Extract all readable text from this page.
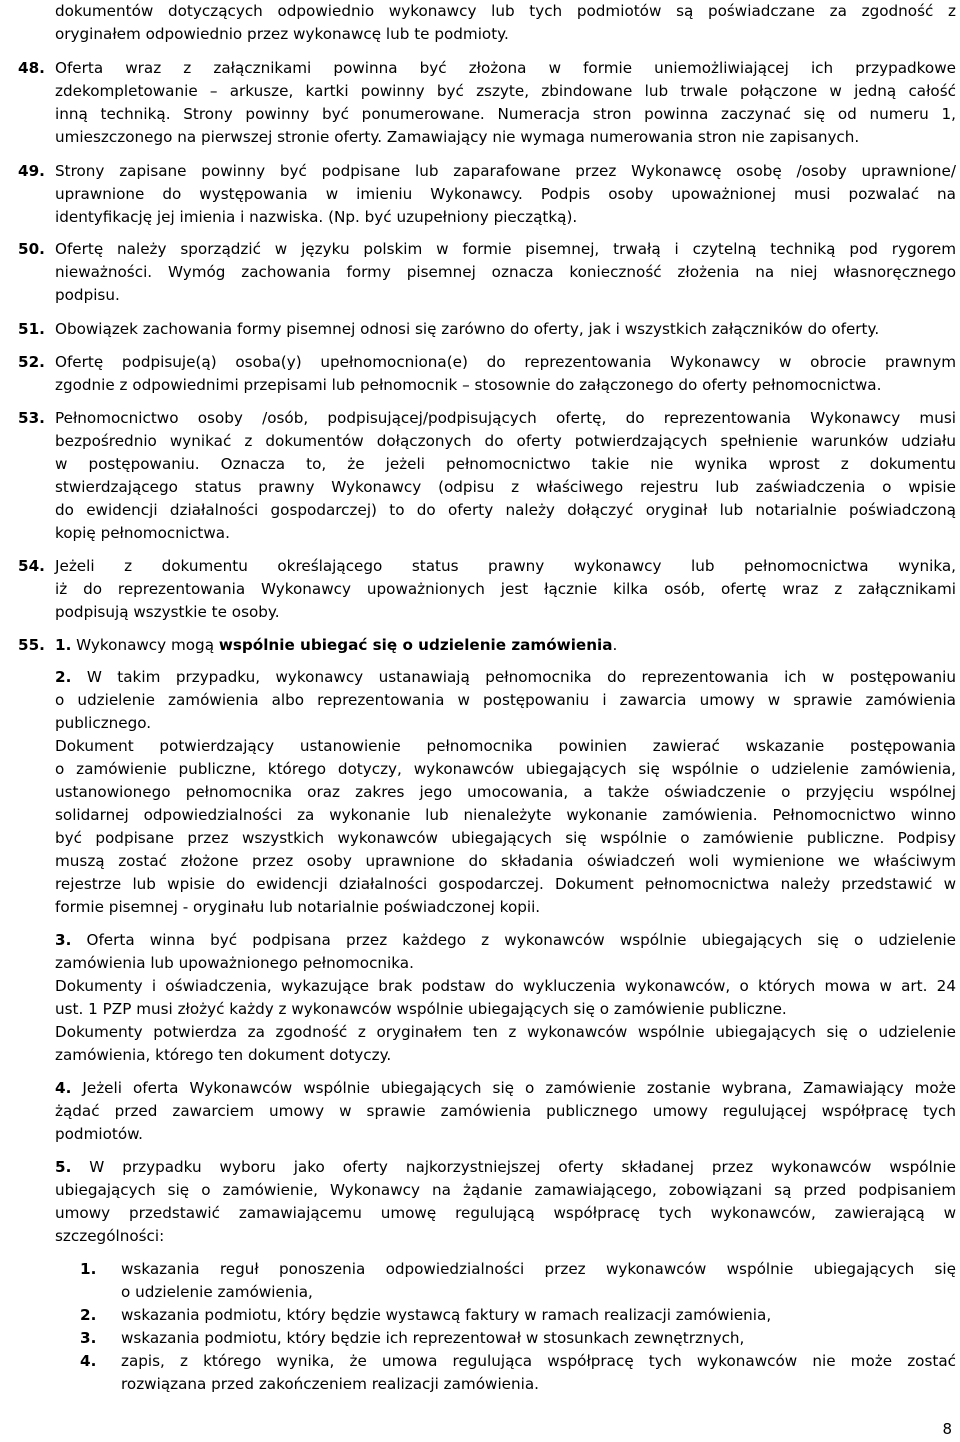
dokumentów dotyczących odpowiednio wykonawcy lub tych podmiotów są poświadczane za zgodność z
oryginałem odpowiednio przez wykonawcę lub te podmioty.
48. Oferta wraz z załącznikami powinna być złożona w formie uniemożliwiającej ich przypadkowe
zdekompletowanie – arkusze, kartki powinny być zszyte, zbindowane lub trwale połączone w jedną całość
inną techniką. Strony powinny być ponumerowane. Numeracja stron powinna zaczynać się od numeru 1,
umieszczonego na pierwszej stronie oferty. Zamawiający nie wymaga numerowania stron nie zapisanych.
49. Strony zapisane powinny być podpisane lub zaparafowane przez Wykonawcę osobę /osoby uprawnione/
uprawnione do występowania w imieniu Wykonawcy. Podpis osoby upoważnionej musi pozwalać na
identyfikację jej imienia i nazwiska. (Np. być uzupełniony pieczątką).
50. Ofertę należy sporządzić w języku polskim w formie pisemnej, trwałą i czytelną techniką pod rygorem
nieważności. Wymóg zachowania formy pisemnej oznacza konieczność złożenia na niej własnoręcznego
podpisu.
51. Obowiązek zachowania formy pisemnej odnosi się zarówno do oferty, jak i wszystkich załączników do oferty.
52. Ofertę podpisuje(ą) osoba(y) upełnomocniona(e) do reprezentowania Wykonawcy w obrocie prawnym
zgodnie z odpowiednimi przepisami lub pełnomocnik – stosownie do załączonego do oferty pełnomocnictwa.
53. Pełnomocnictwo osoby /osób, podpisującej/podpisujących ofertę, do reprezentowania Wykonawcy musi
bezpośrednio wynikać z dokumentów dołączonych do oferty potwierdzających spełnienie warunków udziału
w postępowaniu. Oznacza to, że jeżeli pełnomocnictwo takie nie wynika wprost z dokumentu
stwierdzającego status prawny Wykonawcy (odpisu z właściwego rejestru lub zaświadczenia o wpisie
do ewidencji działalności gospodarczej) to do oferty należy dołączyć oryginał lub notarialnie poświadczoną
kopię pełnomocnictwa.
54. Jeżeli z dokumentu określającego status prawny wykonawcy lub pełnomocnictwa wynika,
iż do reprezentowania Wykonawcy upoważnionych jest łącznie kilka osób, ofertę wraz z załącznikami
podpisują wszystkie te osoby.
55. 1. Wykonawcy mogą wspólnie ubiegać się o udzielenie zamówienia.
2. W takim przypadku, wykonawcy ustanawiają pełnomocnika do reprezentowania ich w postępowaniu
o udzielenie zamówienia albo reprezentowania w postępowaniu i zawarcia umowy w sprawie zamówienia
publicznego.
Dokument potwierdzający ustanowienie pełnomocnika powinien zawierać wskazanie postępowania
o zamówienie publiczne, którego dotyczy, wykonawców ubiegających się wspólnie o udzielenie zamówienia,
ustanowionego pełnomocnika oraz zakres jego umocowania, a także oświadczenie o przyjęciu wspólnej
solidarnej odpowiedzialności za wykonanie lub nienależyte wykonanie zamówienia. Pełnomocnictwo winno
być podpisane przez wszystkich wykonawców ubiegających się wspólnie o zamówienie publiczne. Podpisy
muszą zostać złożone przez osoby uprawnione do składania oświadczeń woli wymienione we właściwym
rejestrze lub wpisie do ewidencji działalności gospodarczej. Dokument pełnomocnictwa należy przedstawić w
formie pisemnej - oryginału lub notarialnie poświadczonej kopii.
3. Oferta winna być podpisana przez każdego z wykonawców wspólnie ubiegających się o udzielenie
zamówienia lub upoważnionego pełnomocnika.
Dokumenty i oświadczenia, wykazujące brak podstaw do wykluczenia wykonawców, o których mowa w art. 24
ust. 1 PZP musi złożyć każdy z wykonawców wspólnie ubiegających się o zamówienie publiczne.
Dokumenty potwierdza za zgodność z oryginałem ten z wykonawców wspólnie ubiegających się o udzielenie
zamówienia, którego ten dokument dotyczy.
4. Jeżeli oferta Wykonawców wspólnie ubiegających się o zamówienie zostanie wybrana, Zamawiający może
żądać przed zawarciem umowy w sprawie zamówienia publicznego umowy regulującej współpracę tych
podmiotów.
5. W przypadku wyboru jako oferty najkorzystniejszej oferty składanej przez wykonawców wspólnie
ubiegających się o zamówienie, Wykonawcy na żądanie zamawiającego, zobowiązani są przed podpisaniem
umowy przedstawić zamawiającemu umowę regulującą współpracę tych wykonawców, zawierającą w
szczególności:
1. wskazania reguł ponoszenia odpowiedzialności przez wykonawców wspólnie ubiegających się
o udzielenie zamówienia,
2. wskazania podmiotu, który będzie wystawcą faktury w ramach realizacji zamówienia,
3. wskazania podmiotu, który będzie ich reprezentował w stosunkach zewnętrznych,
4. zapis, z którego wynika, że umowa regulująca współpracę tych wykonawców nie może zostać
rozwiązana przed zakończeniem realizacji zamówienia.
8
